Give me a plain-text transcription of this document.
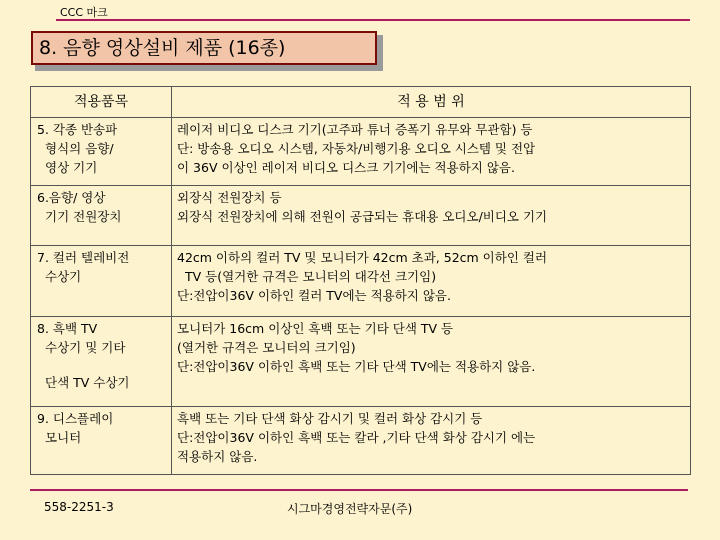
CCC 마크
8. 음향 영상설비 제품 (16종)
적용품목	적 용 범 위

5. 각종 반송파
형식의 음향/
영상 기기	레이저 비디오 디스크 기기(고주파 튜너 증폭기 유무와 무관함) 등
단: 방송용 오디오 시스템, 자동차/비행기용 오디오 시스템 및 전압
이 36V 이상인 레이저 비디오 디스크 기기에는 적용하지 않음.

6.음향/ 영상
기기 전원장치	외장식 전원장치 등
외장식 전원장치에 의해 전원이 공급되는 휴대용 오디오/비디오 기기

7. 컬러 텔레비전
수상기	42cm 이하의 컬러 TV 및 모니터가 42cm 초과, 52cm 이하인 컬러
TV 등(열거한 규격은 모니터의 대각선 크기임)
단:전압이36V 이하인 컬러 TV에는 적용하지 않음.

8. 흑백 TV
수상기 및 기타
단색 TV 수상기	모니터가 16cm 이상인 흑백 또는 기타 단색 TV 등
(열거한 규격은 모니터의 크기임)
단:전압이36V 이하인 흑백 또는 기타 단색 TV에는 적용하지 않음.

9. 디스플레이
모니터	흑백 또는 기타 단색 화상 감시기 및 컬러 화상 감시기 등
단:전압이36V 이하인 흑백 또는 칼라 ,기타 단색 화상 감시기 에는
적용하지 않음.
558-2251-3	시그마경영전략자문(주)
